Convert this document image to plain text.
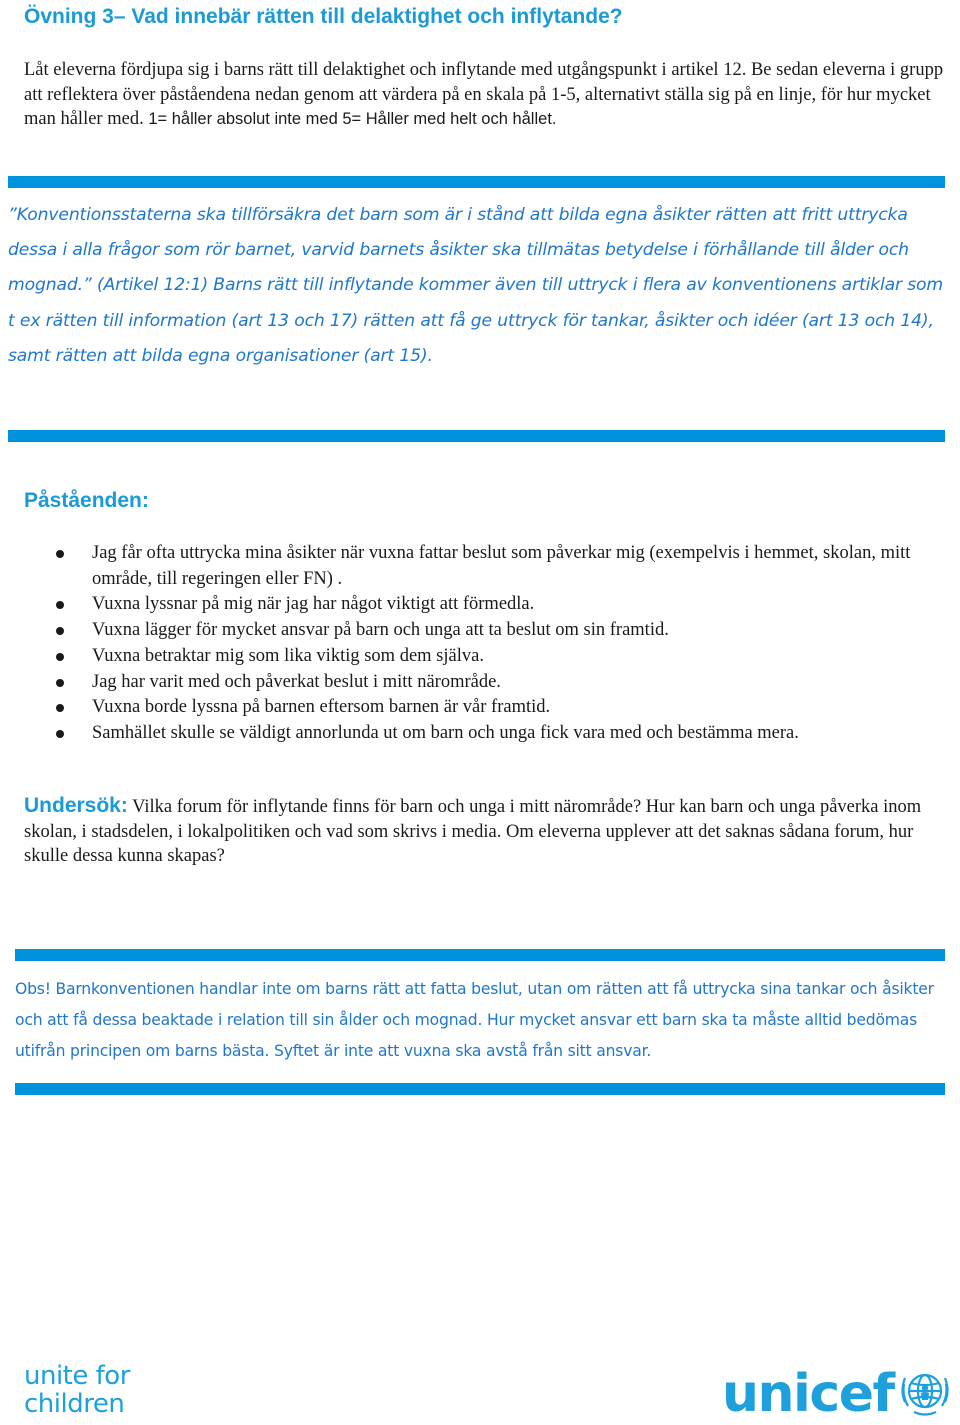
Övning 3– Vad innebär rätten till delaktighet och inflytande?

Låt eleverna fördjupa sig i barns rätt till delaktighet och inflytande med utgångspunkt i artikel 12. Be sedan eleverna i grupp att reflektera över påståendena nedan genom att värdera på en skala på 1-5, alternativt ställa sig på en linje, för hur mycket man håller med. 1= håller absolut inte med 5= Håller med helt och hållet.

”Konventionsstaterna ska tillförsäkra det barn som är i stånd att bilda egna åsikter rätten att fritt uttrycka dessa i alla frågor som rör barnet, varvid barnets åsikter ska tillmätas betydelse i förhållande till ålder och mognad.” (Artikel 12:1) Barns rätt till inflytande kommer även till uttryck i flera av konventionens artiklar som t ex rätten till information (art 13 och 17) rätten att få ge uttryck för tankar, åsikter och idéer (art 13 och 14), samt rätten att bilda egna organisationer (art 15).

Påståenden:
Jag får ofta uttrycka mina åsikter när vuxna fattar beslut som påverkar mig (exempelvis i hemmet, skolan, mitt område, till regeringen eller FN) .
Vuxna lyssnar på mig när jag har något viktigt att förmedla.
Vuxna lägger för mycket ansvar på barn och unga att ta beslut om sin framtid.
Vuxna betraktar mig som lika viktig som dem själva.
Jag har varit med och påverkat beslut i mitt närområde.
Vuxna borde lyssna på barnen eftersom barnen är vår framtid.
Samhället skulle se väldigt annorlunda ut om barn och unga fick vara med och bestämma mera.

Undersök: Vilka forum för inflytande finns för barn och unga i mitt närområde? Hur kan barn och unga påverka inom skolan, i stadsdelen, i lokalpolitiken och vad som skrivs i media. Om eleverna upplever att det saknas sådana forum, hur skulle dessa kunna skapas?

Obs! Barnkonventionen handlar inte om barns rätt att fatta beslut, utan om rätten att få uttrycka sina tankar och åsikter och att få dessa beaktade i relation till sin ålder och mognad. Hur mycket ansvar ett barn ska ta måste alltid bedömas utifrån principen om barns bästa. Syftet är inte att vuxna ska avstå från sitt ansvar.

unite for
children	unicef
